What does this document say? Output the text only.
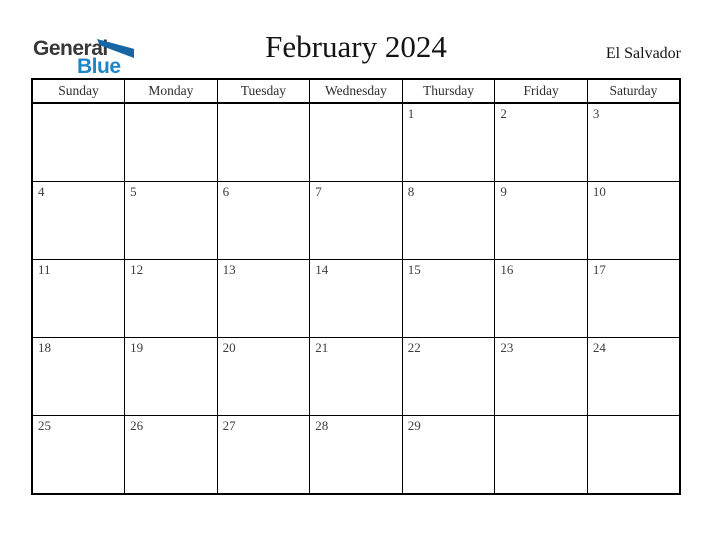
General
Blue
February 2024	El Salvador
Sunday	Monday	Tuesday	Wednesday	Thursday	Friday	Saturday
				1	2	3
4	5	6	7	8	9	10
11	12	13	14	15	16	17
18	19	20	21	22	23	24
25	26	27	28	29		
